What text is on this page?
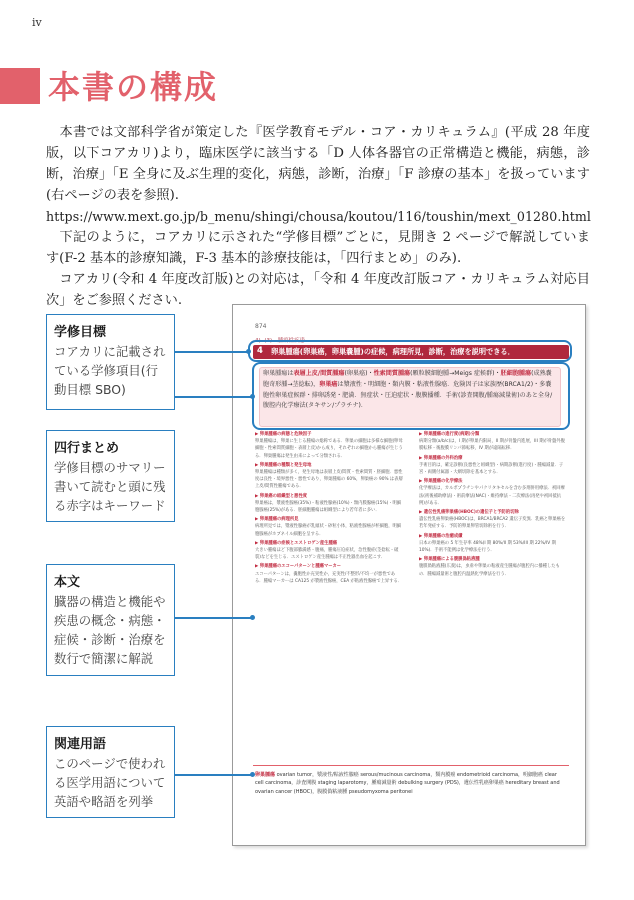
iv
本書の構成

 本書では文部科学省が策定した『医学教育モデル・コア・カリキュラム』(平成 28 年度版，以下コアカリ)より，臨床医学に該当する「D 人体各器官の正常構造と機能，病態，診断，治療」「E 全身に及ぶ生理的変化，病態，診断，治療」「F 診療の基本」を扱っています(右ページの表を参照).

https://www.mext.go.jp/b_menu/shingi/chousa/koutou/116/toushin/mext_01280.html

 下記のように，コアカリに示された“学修目標”ごとに，見開き 2 ページで解説しています(F-2 基本的診療知識，F-3 基本的診療技能は，「四行まとめ」のみ).

 コアカリ(令和 4 年度改訂版)との対応は，「令和 4 年度改訂版コア・カリキュラム対応目次」をご参照ください.

874
4) -(3)　腫瘍性疾患
4 卵巣腫瘍(卵巣癌，卵巣嚢腫)の症候，病理所見，診断，治療を説明できる．
卵巣腫瘍は表層上皮/間質腫瘍(卵巣癌)・性索間質腫瘍(顆粒膜細胞腫→Meigs 症候群)・胚細胞腫瘍(成熟嚢胞奇形腫→茎捻転)，卵巣癌は漿液性・明細胞・類内膜・粘液性腺癌．危険因子は家族歴(BRCA1/2)・多嚢胞性卵巣症候群・排卵誘発・肥満．無症状・圧迫症状・腹膜播種．手術(診査開腹/腫瘍減量術)のあと全身/腹腔内化学療法(タキサン/プラチナ)．

▶ 卵巣腫瘍の病態と危険因子
卵巣腫瘍は，卵巣に生じる腫瘍の総称である．卵巣の細胞は多様な細胞(卵母細胞・性索間質細胞・表層上皮)から成り，それぞれの細胞から腫瘍が生じうる．卵巣腫瘍は発生由来によって分類される．

▶ 卵巣腫瘍の種類と発生母地
卵巣腫瘍は種類が多く，発生母地は表層上皮/間質・性索間質・胚細胞．悪性度は良性・境界悪性・悪性であり，卵巣腫瘍の 60%，卵巣癌の 90% は表層上皮/間質性腫瘍である．

▶ 卵巣癌の組織型と悪性度
卵巣癌は，漿液性腺癌(35%)・粘液性腺癌(10%)・類内膜腺癌(15%)・明細胞腺癌(25%)がある．胚細胞腫瘍は組織型により若年者に多い．

▶ 卵巣腫瘍の病理所見
病理所見では，漿液性腺癌が乳頭状・砂粒小体，粘液性腺癌が杯細胞，明細胞腺癌がホブネイル細胞を呈する．

▶ 卵巣腫瘍の症候とエストロゲン産生腫瘍
大きい腫瘍ほど下腹部膨満感・腹痛，腫瘍圧迫症状，急性腹症(茎捻転・破裂)などを生じる．エストロゲン産生腫瘍は不正性器出血を起こす．

▶ 卵巣腫瘍のエコーパターンと腫瘍マーカー
エコーパターンは，嚢胞性か充実性か，充実性/不整形/不均一が悪性である．腫瘍マーカーは CA125 が漿液性腺癌，CEA が粘液性腺癌で上昇する．

▶ 卵巣腫瘍の進行度(病期)分類
病期分類(a/b/c)は，I 期が卵巣内限局，II 期が骨盤内進展，III 期が骨盤外腹膜転移・後腹膜リンパ節転移，IV 期が遠隔転移．

▶ 卵巣腫瘍の外科治療
手術目的は，確定診断(良悪性と組織型)・病期診断(進行度)・腫瘍減量．子宮・両側付属器・大網切除を基本とする．

▶ 卵巣腫瘍の化学療法
化学療法は，カルボプラチンやパクリタキセルを含む多剤併用療法．初回療法(術後補助療法)・術前療法(NAC)・維持療法・二次療法(再発や初回抵抗例)がある．

▶ 遺伝性乳癌卵巣癌(HBOC)の遺伝子と予防的切除
遺伝性乳癌卵巣癌(HBOC)は，BRCA1/BRCA2 遺伝子変異．乳癌と卵巣癌を若年発症する．予防的卵巣卵管切除術を行う．

▶ 卵巣腫瘍の治癒成績
日本の卵巣癌の 5 年生存率 48%(I 期 80%/II 期 53%/III 期 22%/IV 期 10%)．手術不能例は化学療法を行う．

▶ 卵巣腫瘍による腹膜偽粘液腫
腹膜偽粘液腫(広義)は，虫垂や卵巣の粘液産生腫瘍が腹腔内に播種したもの．腫瘍減量術と腹腔内温熱化学療法を行う．

卵巣腫瘍 ovarian tumor，漿液性/粘液性腺癌 serous/mucinous carcinoma，類内膜癌 endometrioid carcinoma，明細胞癌 clear cell carcinoma，診査開腹 staging laparotomy，腫瘍減量術 debulking surgery (PDS)，遺伝性乳癌卵巣癌 hereditary breast and ovarian cancer (HBOC)，腹膜偽粘液腫 pseudomyxoma peritonei
学修目標
コアカリに記載されている学修項目(行動目標 SBO)
四行まとめ
学修目標のサマリー書いて読むと頭に残る赤字はキーワード
本文
臓器の構造と機能や疾患の概念・病態・症候・診断・治療を数行で簡潔に解説
関連用語
このページで使われる医学用語について英語や略語を列挙
